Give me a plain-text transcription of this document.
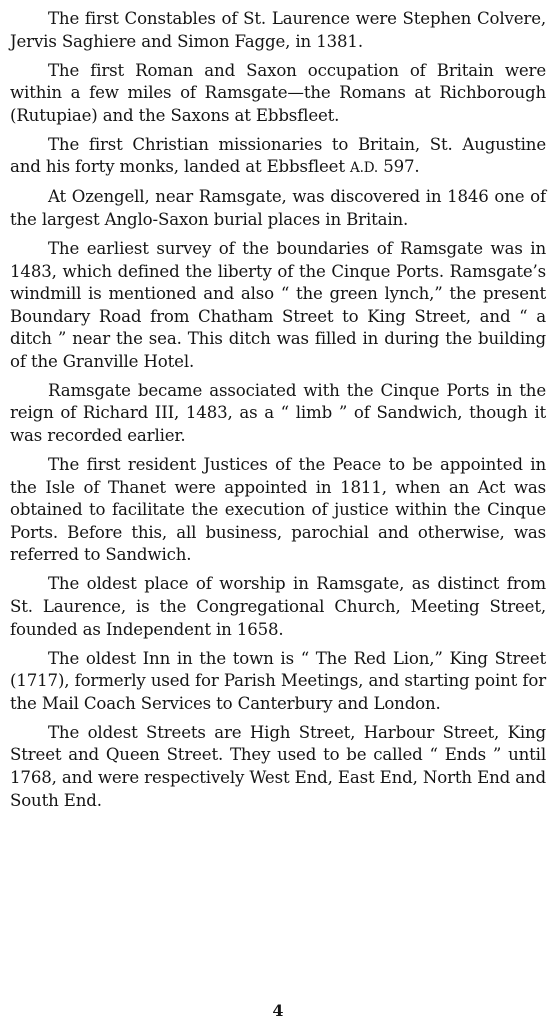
The first Constables of St. Laurence were Stephen Colvere, Jervis Saghiere and Simon Fagge, in 1381.

The first Roman and Saxon occupation of Britain were within a few miles of Ramsgate—the Romans at Richborough (Rutupiae) and the Saxons at Ebbsfleet.

The first Christian missionaries to Britain, St. Augustine and his forty monks, landed at Ebbsfleet A.D. 597.

At Ozengell, near Ramsgate, was discovered in 1846 one of the largest Anglo-Saxon burial places in Britain.

The earliest survey of the boundaries of Ramsgate was in 1483, which defined the liberty of the Cinque Ports. Ramsgate’s windmill is mentioned and also “ the green lynch,” the present Boundary Road from Chatham Street to King Street, and “ a ditch ” near the sea. This ditch was filled in during the building of the Granville Hotel.

Ramsgate became associated with the Cinque Ports in the reign of Richard III, 1483, as a “ limb ” of Sandwich, though it was recorded earlier.

The first resident Justices of the Peace to be appointed in the Isle of Thanet were appointed in 1811, when an Act was obtained to facilitate the execution of justice within the Cinque Ports. Before this, all business, parochial and otherwise, was referred to Sandwich.

The oldest place of worship in Ramsgate, as distinct from St. Laurence, is the Congregational Church, Meeting Street, founded as Independent in 1658.

The oldest Inn in the town is “ The Red Lion,” King Street (1717), formerly used for Parish Meetings, and starting point for the Mail Coach Services to Canterbury and London.

The oldest Streets are High Street, Harbour Street, King Street and Queen Street. They used to be called “ Ends ” until 1768, and were respectively West End, East End, North End and South End.

4
